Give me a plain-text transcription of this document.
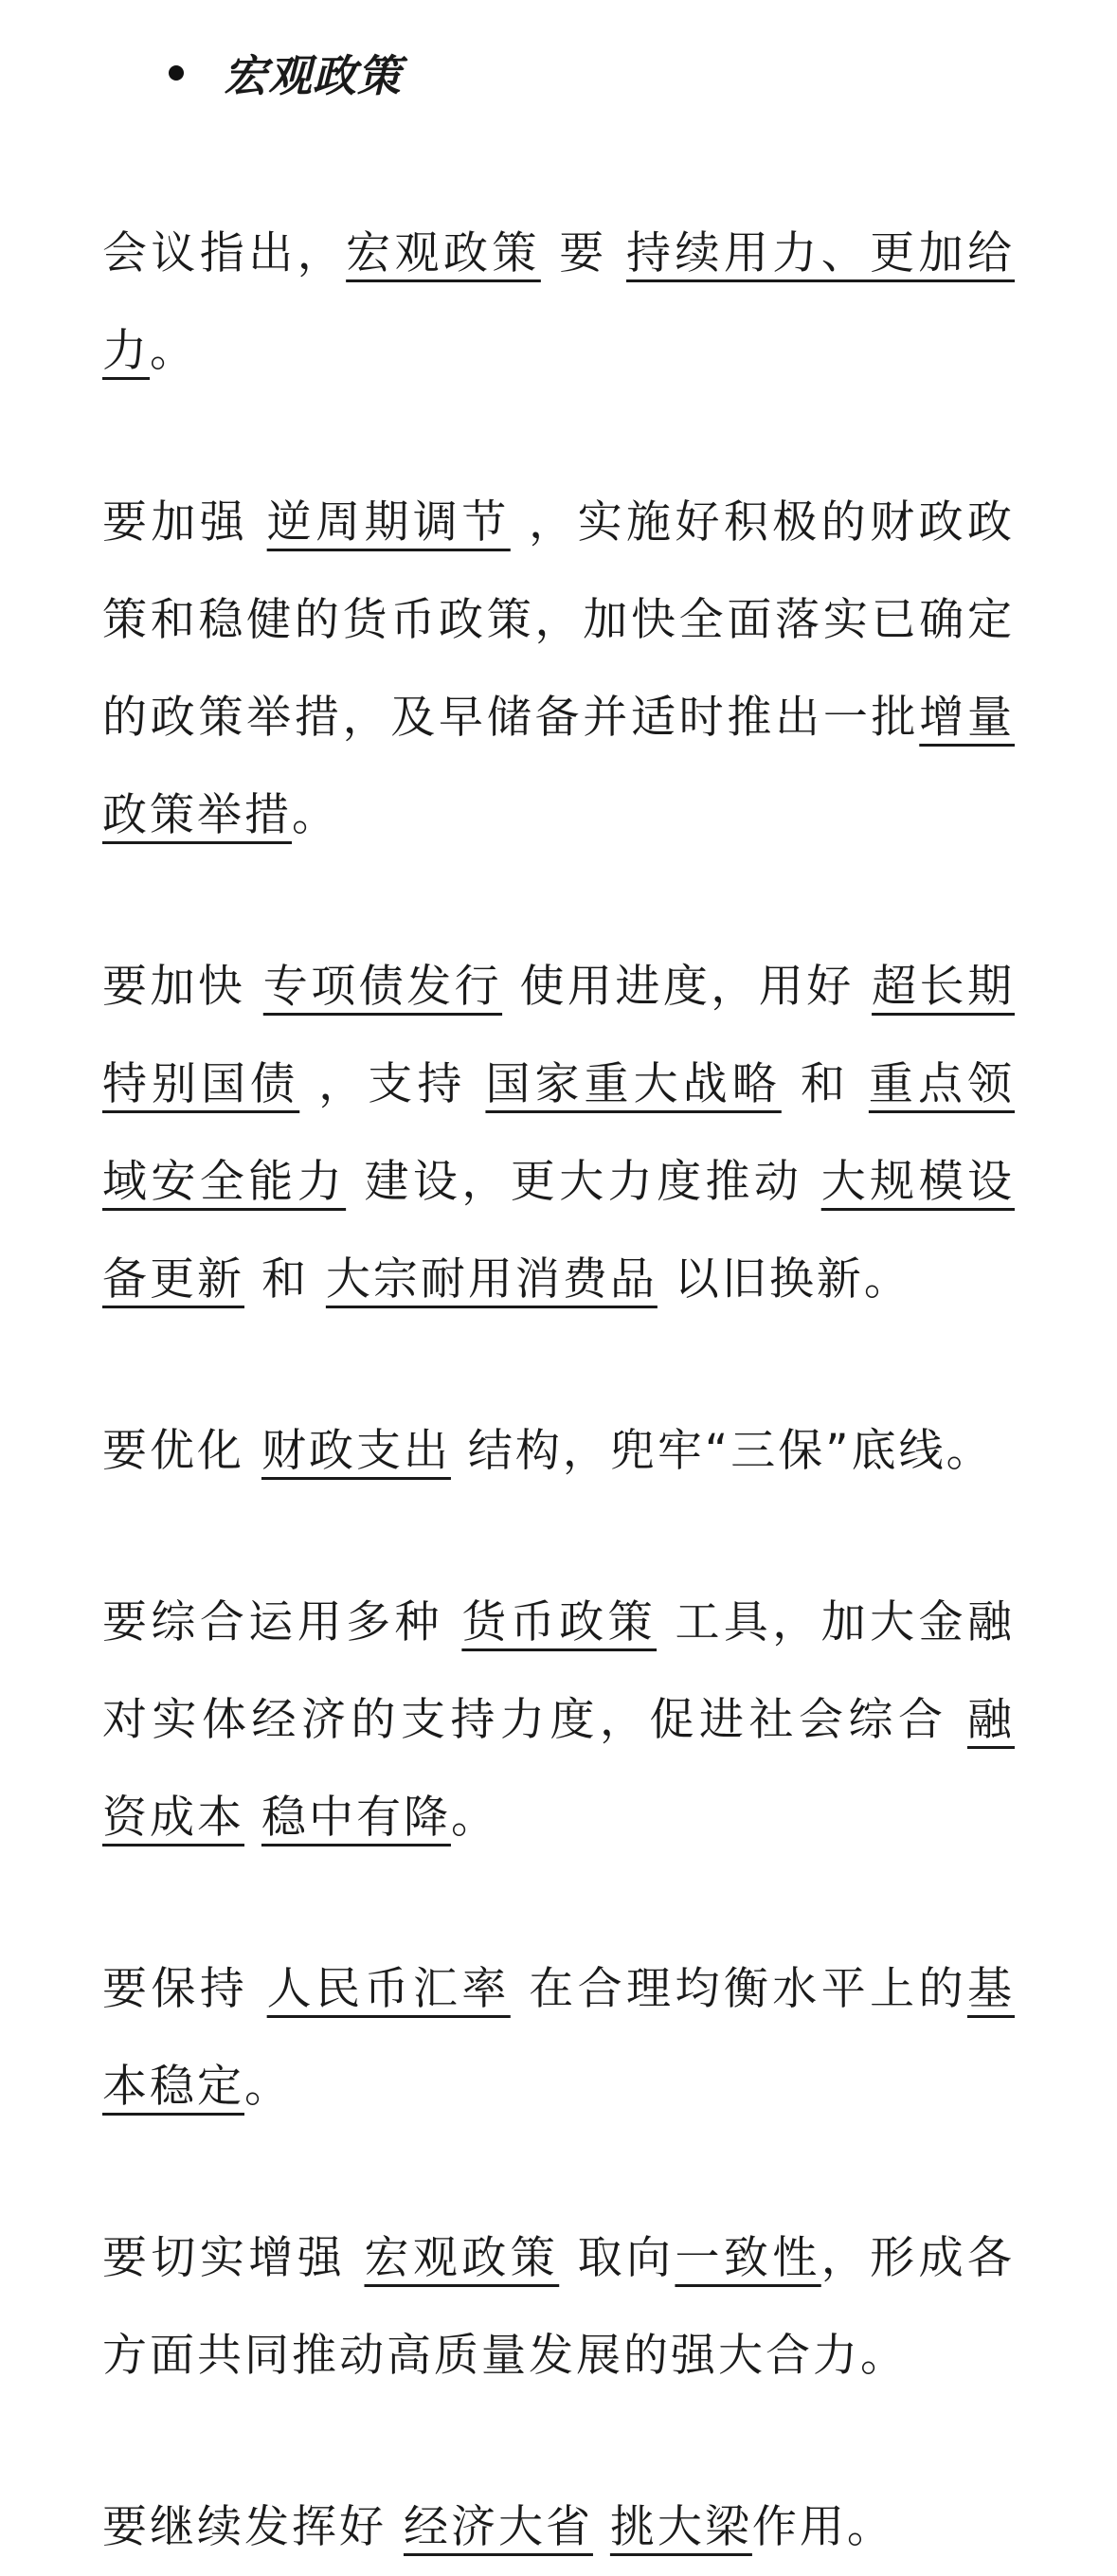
宏观政策

会议指出，宏观政策 要 持续用力、更加给力。

要加强 逆周期调节 ，实施好积极的财政政策和稳健的货币政策，加快全面落实已确定的政策举措，及早储备并适时推出一批增量政策举措。

要加快 专项债发行 使用进度，用好 超长期特别国债 ，支持 国家重大战略 和 重点领域安全能力 建设，更大力度推动 大规模设备更新 和 大宗耐用消费品 以旧换新。

要优化 财政支出 结构，兜牢“三保”底线。

要综合运用多种 货币政策 工具，加大金融对实体经济的支持力度，促进社会综合 融资成本 稳中有降。

要保持 人民币汇率 在合理均衡水平上的基本稳定。

要切实增强 宏观政策 取向一致性，形成各方面共同推动高质量发展的强大合力。

要继续发挥好 经济大省 挑大梁作用。
